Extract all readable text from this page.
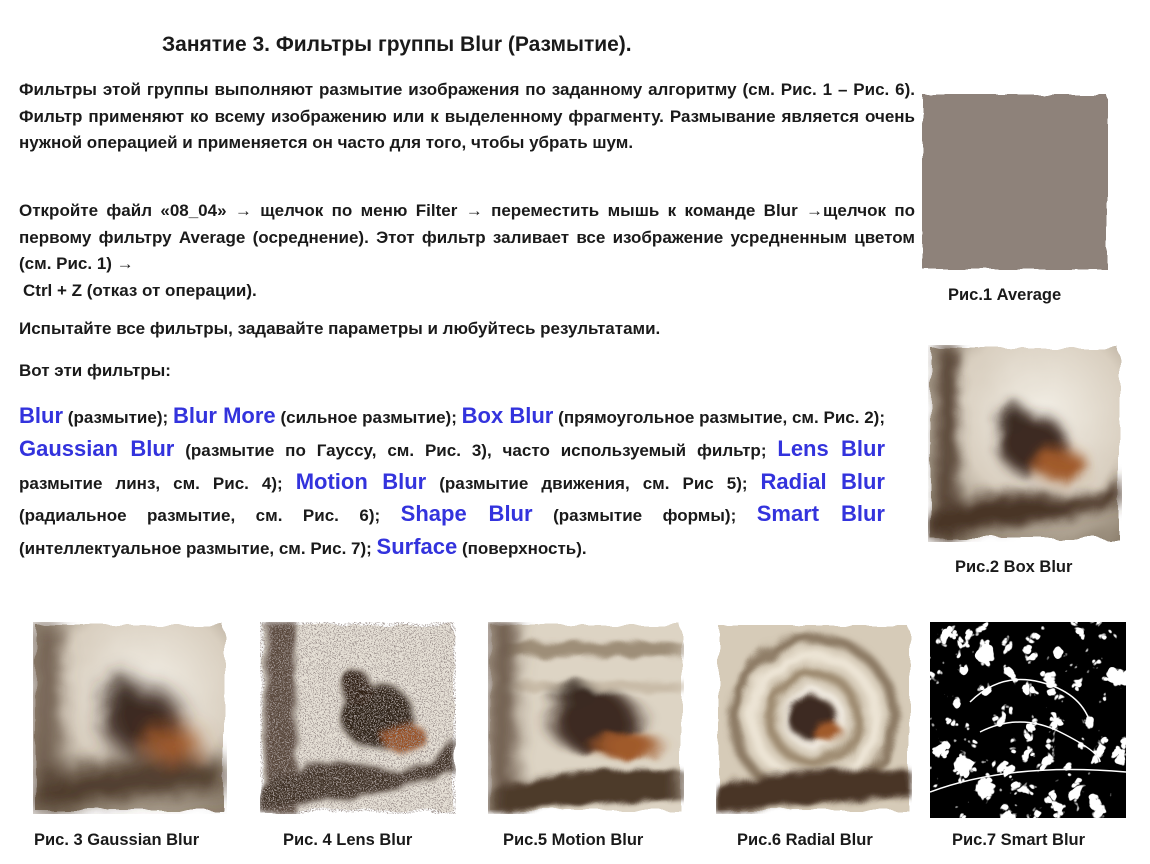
Занятие 3. Фильтры группы Blur (Размытие).

Фильтры этой группы выполняют размытие изображения по заданному алгоритму (см. Рис. 1 – Рис. 6). Фильтр применяют ко всему изображению или к выделенному фрагменту. Размывание является очень нужной операцией и применяется он часто для того, чтобы убрать шум.

Откройте файл «08_04» → щелчок по меню Filter → переместить мышь к команде Blur →щелчок по первому фильтру Average (осреднение). Этот фильтр заливает все изображение усредненным цветом (см. Рис. 1) →
Ctrl + Z (отказ от операции).

Испытайте все фильтры, задавайте параметры и любуйтесь результатами.

Вот эти фильтры:

Blur (размытие); Blur More (сильное размытие); Box Blur (прямоугольное размытие, см. Рис. 2); Gaussian Blur (размытие по Гауссу, см. Рис. 3), часто используемый фильтр; Lens Blur размытие линз, см. Рис. 4); Motion Blur (размытие движения, см. Рис 5); Radial Blur (радиальное размытие, см. Рис. 6); Shape Blur (размытие формы); Smart Blur (интеллектуальное размытие, см. Рис. 7); Surface (поверхность).

Рис.1 Average

Рис.2 Box Blur

Рис. 3 Gaussian Blur	Рис. 4 Lens Blur	Рис.5 Motion Blur	Рис.6 Radial Blur	Рис.7 Smart Blur
